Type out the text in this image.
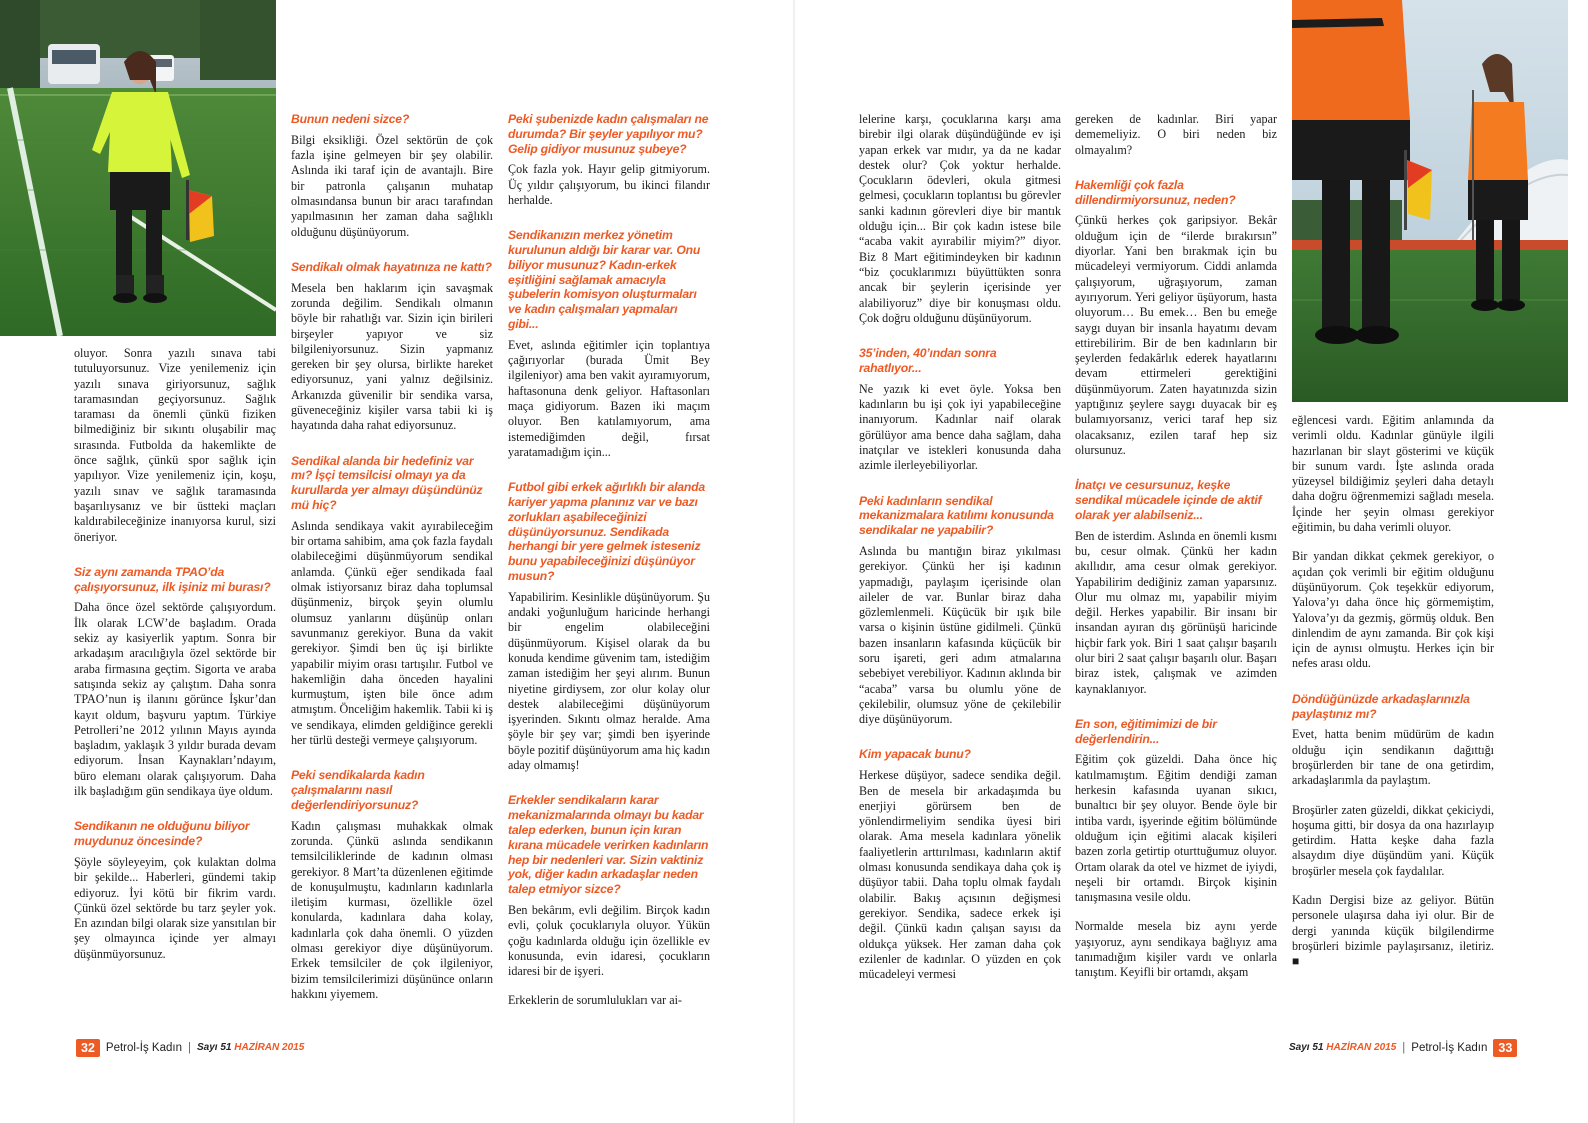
oluyor. Sonra yazılı sınava tabi tutuluyorsunuz. Vize yenilemeniz için yazılı sınava giriyorsunuz, sağlık taramasından geçiyorsunuz. Sağlık taraması da önemli çünkü fiziken bilmediğiniz bir sıkıntı oluşabilir maç sırasında. Futbolda da hakemlikte de önce sağlık, çünkü spor sağlık için yapılıyor. Vize yenilemeniz için, koşu, yazılı sınav ve sağlık taramasında başarılıysanız ve bir üstteki maçları kaldırabileceğinize inanıyorsa kurul, sizi öneriyor.

Siz aynı zamanda TPAO’da çalışıyorsunuz, ilk işiniz mi burası?

Daha önce özel sektörde çalışıyordum. İlk olarak LCW’de başladım. Orada sekiz ay kasiyerlik yaptım. Sonra bir arkadaşım aracılığıyla özel sektörde bir araba firmasına geçtim. Sigorta ve araba satışında sekiz ay çalıştım. Daha sonra TPAO’nun iş ilanını görünce İşkur’dan kayıt oldum, başvuru yaptım. Türkiye Petrolleri’ne 2012 yılının Mayıs ayında başladım, yaklaşık 3 yıldır burada devam ediyorum. İnsan Kaynakları’ndayım, büro elemanı olarak çalışıyorum. Daha ilk başladığım gün sendikaya üye oldum.

Sendikanın ne olduğunu biliyor muydunuz öncesinde?

Şöyle söyleyeyim, çok kulaktan dolma bir şekilde... Haberleri, gündemi takip ediyoruz. İyi kötü bir fikrim vardı. Çünkü özel sektörde bu tarz şeyler yok. En azından bilgi olarak size yansıtılan bir şey olmayınca içinde yer almayı düşünmüyorsunuz.

Bunun nedeni sizce?

Bilgi eksikliği. Özel sektörün de çok fazla işine gelmeyen bir şey olabilir. Aslında iki taraf için de avantajlı. Bire bir patronla çalışanın muhatap olmasındansa bunun bir aracı tarafından yapılmasının her zaman daha sağlıklı olduğunu düşünüyorum.

Sendikalı olmak hayatınıza ne kattı?

Mesela ben haklarım için savaşmak zorunda değilim. Sendikalı olmanın böyle bir rahatlığı var. Sizin için birileri birşeyler yapıyor ve siz bilgileniyorsunuz. Sizin yapmanız gereken bir şey olursa, birlikte hareket ediyorsunuz, yani yalnız değilsiniz. Arkanızda güvenilir bir sendika varsa, güveneceğiniz kişiler varsa tabii ki iş hayatında daha rahat ediyorsunuz.

Sendikal alanda bir hedefiniz var mı? İşçi temsilcisi olmayı ya da kurullarda yer almayı düşündünüz mü hiç?

Aslında sendikaya vakit ayırabileceğim bir ortama sahibim, ama çok fazla faydalı olabileceğimi düşünmüyorum sendikal anlamda. Çünkü eğer sendikada faal olmak istiyorsanız biraz daha toplumsal düşünmeniz, birçok şeyin olumlu olumsuz yanlarını düşünüp onları savunmanız gerekiyor. Buna da vakit gerekiyor. Şimdi ben üç işi birlikte yapabilir miyim orası tartışılır. Futbol ve hakemliğin daha önceden hayalini kurmuştum, işten bile önce adım atmıştım. Önceliğim hakemlik. Tabii ki iş ve sendikaya, elimden geldiğince gerekli her türlü desteği vermeye çalışıyorum.

Peki sendikalarda kadın çalışmalarını nasıl değerlendiriyorsunuz?

Kadın çalışması muhakkak olmak zorunda. Çünkü aslında sendikanın temsilciliklerinde de kadının olması gerekiyor. 8 Mart’ta düzenlenen eğitimde de konuşulmuştu, kadınların kadınlarla iletişim kurması, özellikle özel konularda, kadınlara daha kolay, kadınlarla çok daha önemli. O yüzden olması gerekiyor diye düşünüyorum. Erkek temsilciler de çok ilgileniyor, bizim temsilcilerimizi düşününce onların hakkını yiyemem.

Peki şubenizde kadın çalışmaları ne durumda? Bir şeyler yapılıyor mu? Gelip gidiyor musunuz şubeye?

Çok fazla yok. Hayır gelip gitmiyorum. Üç yıldır çalışıyorum, bu ikinci filandır herhalde.

Sendikanızın merkez yönetim kurulunun aldığı bir karar var. Onu biliyor musunuz? Kadın-erkek eşitliğini sağlamak amacıyla şubelerin komisyon oluşturmaları ve kadın çalışmaları yapmaları gibi...

Evet, aslında eğitimler için toplantıya çağırıyorlar (burada Ümit Bey ilgileniyor) ama ben vakit ayıramıyorum, haftasonuna denk geliyor. Haftasonları maça gidiyorum. Bazen iki maçım oluyor. Ben katılamıyorum, ama istemediğimden değil, fırsat yaratamadığım için...

Futbol gibi erkek ağırlıklı bir alanda kariyer yapma planınız var ve bazı zorlukları aşabileceğinizi düşünüyorsunuz. Sendikada herhangi bir yere gelmek isteseniz bunu yapabileceğinizi düşünüyor musun?

Yapabilirim. Kesinlikle düşünüyorum. Şu andaki yoğunluğum haricinde herhangi bir engelim olabileceğini düşünmüyorum. Kişisel olarak da bu konuda kendime güvenim tam, istediğim zaman istediğim her şeyi alırım. Bunun niyetine girdiysem, zor olur kolay olur destek alabileceğimi düşünüyorum işyerinden. Sıkıntı olmaz heralde. Ama şöyle bir şey var; şimdi ben işyerinde böyle pozitif düşünüyorum ama hiç kadın aday olmamış!

Erkekler sendikaların karar mekanizmalarında olmayı bu kadar talep ederken, bunun için kıran kırana mücadele verirken kadınların hep bir nedenleri var. Sizin vaktiniz yok, diğer kadın arkadaşlar neden talep etmiyor sizce?

Ben bekârım, evli değilim. Birçok kadın evli, çoluk çocuklarıyla oluyor. Yükün çoğu kadınlarda olduğu için özellikle ev konusunda, evin idaresi, çocukların idaresi bir de işyeri.

Erkeklerin de sorumlulukları var ai-

lelerine karşı, çocuklarına karşı ama birebir ilgi olarak düşündüğünde ev işi yapan erkek var mıdır, ya da ne kadar destek olur? Çok yoktur herhalde. Çocukların ödevleri, okula gitmesi gelmesi, çocukların toplantısı bu görevler sanki kadının görevleri diye bir mantık olduğu için... Bir çok kadın istese bile “acaba vakit ayırabilir miyim?” diyor. Biz 8 Mart eğitimindeyken bir kadının “biz çocuklarımızı büyüttükten sonra ancak bir şeylerin içerisinde yer alabiliyoruz” diye bir konuşması oldu. Çok doğru olduğunu düşünüyorum.

35’inden, 40’ından sonra rahatlıyor...

Ne yazık ki evet öyle. Yoksa ben kadınların bu işi çok iyi yapabileceğine inanıyorum. Kadınlar naif olarak görülüyor ama bence daha sağlam, daha inatçılar ve istekleri konusunda daha azimle ilerleyebiliyorlar.

Peki kadınların sendikal mekanizmalara katılımı konusunda sendikalar ne yapabilir?

Aslında bu mantığın biraz yıkılması gerekiyor. Çünkü her işi kadının yapmadığı, paylaşım içerisinde olan aileler de var. Bunlar biraz daha gözlemlenmeli. Küçücük bir ışık bile varsa o kişinin üstüne gidilmeli. Çünkü bazen insanların kafasında küçücük bir soru işareti, geri adım atmalarına sebebiyet verebiliyor. Kadının aklında bir “acaba” varsa bu olumlu yöne de çekilebilir, olumsuz yöne de çekilebilir diye düşünüyorum.

Kim yapacak bunu?

Herkese düşüyor, sadece sendika değil. Ben de mesela bir arkadaşımda bu enerjiyi görürsem ben de yönlendirmeliyim sendika üyesi biri olarak. Ama mesela kadınlara yönelik faaliyetlerin arttırılması, kadınların aktif olması konusunda sendikaya daha çok iş düşüyor tabii. Daha toplu olmak faydalı olabilir. Bakış açısının değişmesi gerekiyor. Sendika, sadece erkek işi değil. Çünkü kadın çalışan sayısı da oldukça yüksek. Her zaman daha çok ezilenler de kadınlar. O yüzden en çok mücadeleyi vermesi

gereken de kadınlar. Biri yapar dememeliyiz. O biri neden biz olmayalım?

Hakemliği çok fazla dillendirmiyorsunuz, neden?

Çünkü herkes çok garipsiyor. Bekâr olduğum için de “ilerde bırakırsın” diyorlar. Yani ben bırakmak için bu mücadeleyi vermiyorum. Ciddi anlamda çalışıyorum, uğraşıyorum, zaman ayırıyorum. Yeri geliyor üşüyorum, hasta oluyorum… Bu emek… Ben bu emeğe saygı duyan bir insanla hayatımı devam ettirebilirim. Bir de ben kadınların bir şeylerden fedakârlık ederek hayatlarını devam ettirmeleri gerektiğini düşünmüyorum. Zaten hayatınızda sizin yaptığınız şeylere saygı duyacak bir eş bulamıyorsanız, verici taraf hep siz olacaksanız, ezilen taraf hep siz olursunuz.

İnatçı ve cesursunuz, keşke sendikal mücadele içinde de aktif olarak yer alabilseniz...

Ben de isterdim. Aslında en önemli kısmı bu, cesur olmak. Çünkü her kadın akıllıdır, ama cesur olmak gerekiyor. Yapabilirim dediğiniz zaman yaparsınız. Olur mu olmaz mı, yapabilir miyim değil. Herkes yapabilir. Bir insanı bir insandan ayıran dış görünüşü haricinde hiçbir fark yok. Biri 1 saat çalışır başarılı olur biri 2 saat çalışır başarılı olur. Başarı biraz istek, çalışmak ve azimden kaynaklanıyor.

En son, eğitimimizi de bir değerlendirin...

Eğitim çok güzeldi. Daha önce hiç katılmamıştım. Eğitim dendiği zaman herkesin kafasında uyanan sıkıcı, bunaltıcı bir şey oluyor. Bende öyle bir intiba vardı, işyerinde eğitim bölümünde olduğum için eğitimi alacak kişileri bazen zorla getirtip oturttuğumuz oluyor. Ortam olarak da otel ve hizmet de iyiydi, neşeli bir ortamdı. Birçok kişinin tanışmasına vesile oldu.

Normalde mesela biz aynı yerde yaşıyoruz, aynı sendikaya bağlıyız ama tanımadığım kişiler vardı ve onlarla tanıştım. Keyifli bir ortamdı, akşam

eğlencesi vardı. Eğitim anlamında da verimli oldu. Kadınlar günüyle ilgili hazırlanan bir slayt gösterimi ve küçük bir sunum vardı. İşte aslında orada yüzeysel bildiğimiz şeyleri daha detaylı daha doğru öğrenmemizi sağladı mesela. İçinde her şeyin olması gerekiyor eğitimin, bu daha verimli oluyor.

Bir yandan dikkat çekmek gerekiyor, o açıdan çok verimli bir eğitim olduğunu düşünüyorum. Çok teşekkür ediyorum, Yalova’yı daha önce hiç görmemiştim, Yalova’yı da gezmiş, görmüş olduk. Ben dinlendim de aynı zamanda. Bir çok kişi için de aynısı olmuştu. Herkes için bir nefes arası oldu.

Döndüğünüzde arkadaşlarınızla paylaştınız mı?

Evet, hatta benim müdürüm de kadın olduğu için sendikanın dağıttığı broşürlerden bir tane de ona getirdim, arkadaşlarımla da paylaştım.

Broşürler zaten güzeldi, dikkat çekiciydi, hoşuma gitti, bir dosya da ona hazırlayıp getirdim. Hatta keşke daha fazla alsaydım diye düşündüm yani. Küçük broşürler mesela çok faydalılar.

Kadın Dergisi bize az geliyor. Bütün personele ulaşırsa daha iyi olur. Bir de dergi yanında küçük bilgilendirme broşürleri bizimle paylaşırsanız, iletiriz. ■

32 Petrol-İş Kadın | Sayı 51 HAZİRAN 2015	Sayı 51 HAZİRAN 2015 | Petrol-İş Kadın 33
